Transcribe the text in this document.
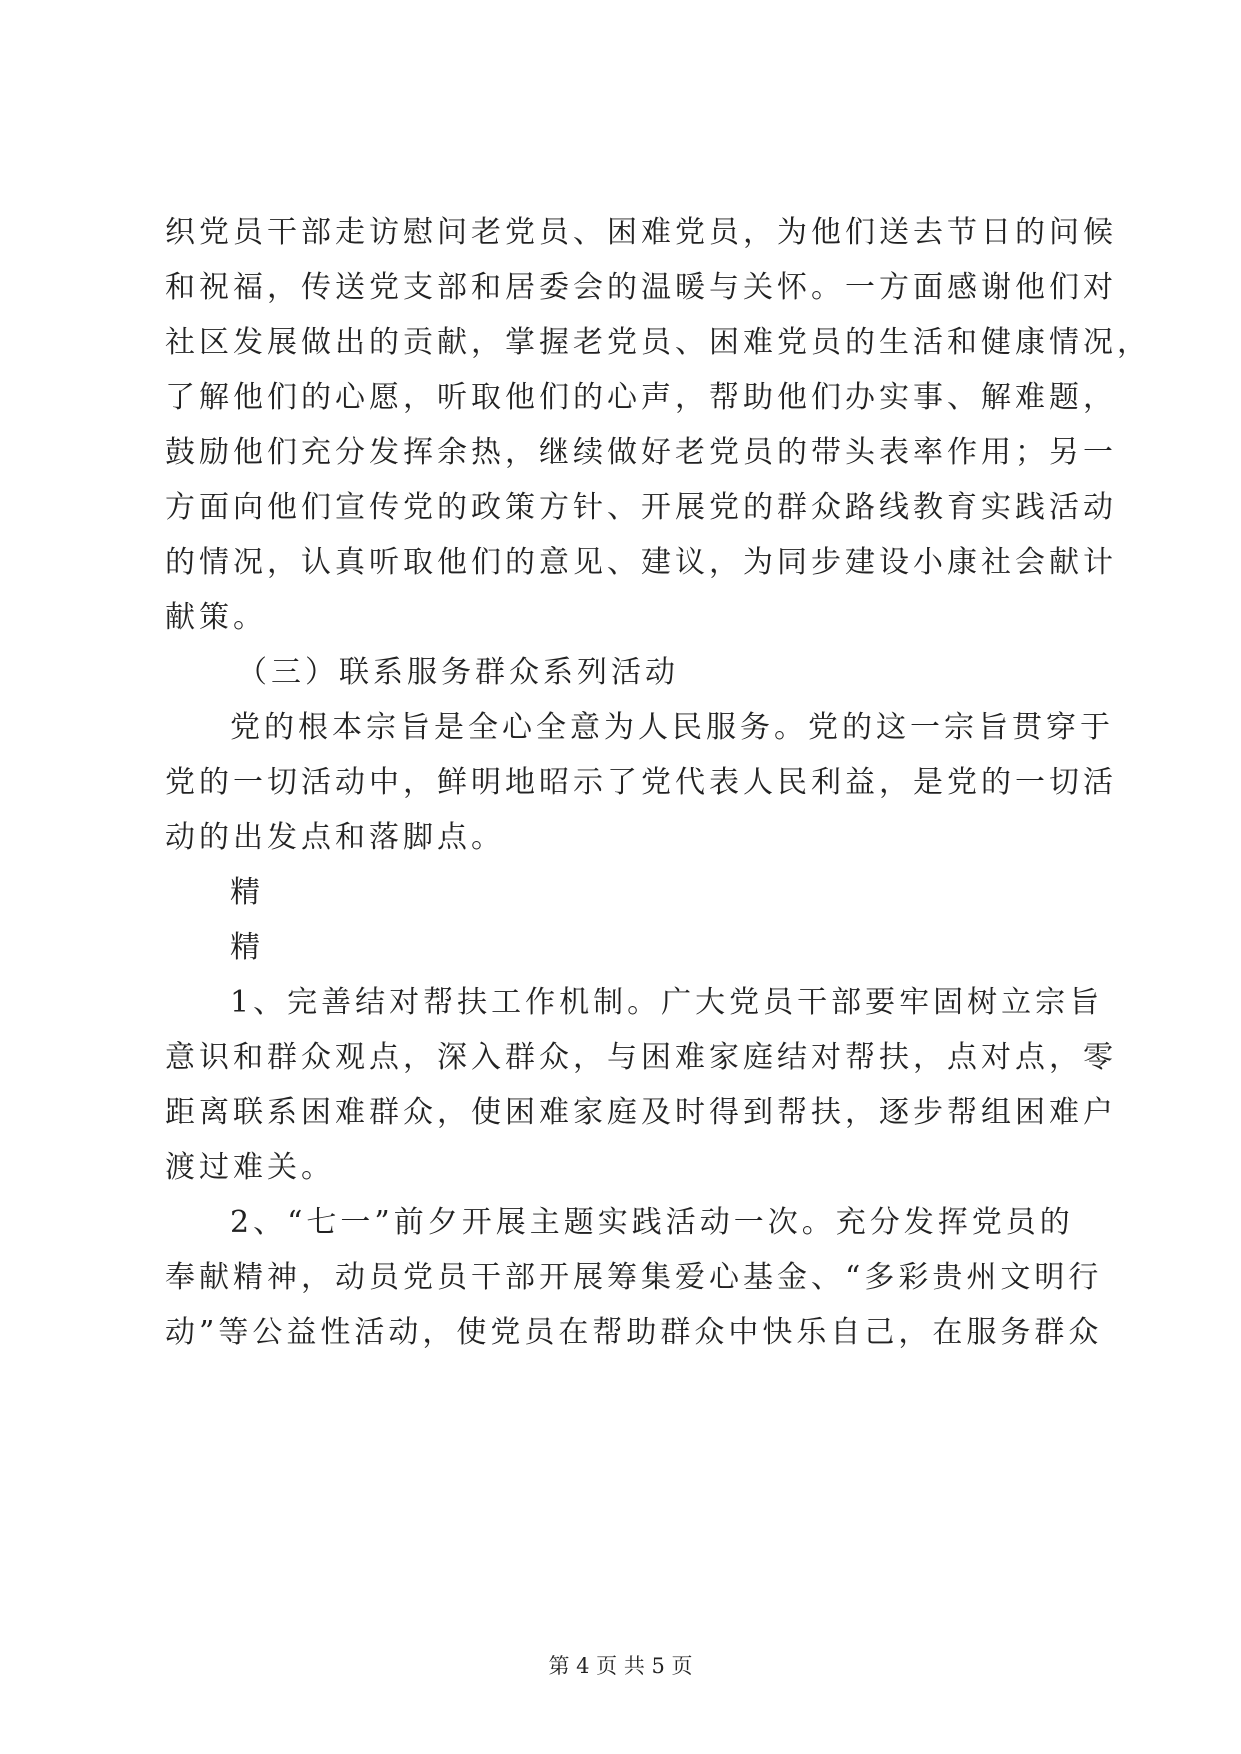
织党员干部走访慰问老党员、困难党员，为他们送去节日的问候
和祝福，传送党支部和居委会的温暖与关怀。一方面感谢他们对
社区发展做出的贡献，掌握老党员、困难党员的生活和健康情况，
了解他们的心愿，听取他们的心声，帮助他们办实事、解难题，
鼓励他们充分发挥余热，继续做好老党员的带头表率作用；另一
方面向他们宣传党的政策方针、开展党的群众路线教育实践活动
的情况，认真听取他们的意见、建议，为同步建设小康社会献计
献策。
（三）联系服务群众系列活动
党的根本宗旨是全心全意为人民服务。党的这一宗旨贯穿于
党的一切活动中，鲜明地昭示了党代表人民利益，是党的一切活
动的出发点和落脚点。
精
精
1、完善结对帮扶工作机制。广大党员干部要牢固树立宗旨
意识和群众观点，深入群众，与困难家庭结对帮扶，点对点，零
距离联系困难群众，使困难家庭及时得到帮扶，逐步帮组困难户
渡过难关。
2、“七一”前夕开展主题实践活动一次。充分发挥党员的
奉献精神，动员党员干部开展筹集爱心基金、“多彩贵州文明行
动”等公益性活动，使党员在帮助群众中快乐自己，在服务群众
第 4 页 共 5 页
